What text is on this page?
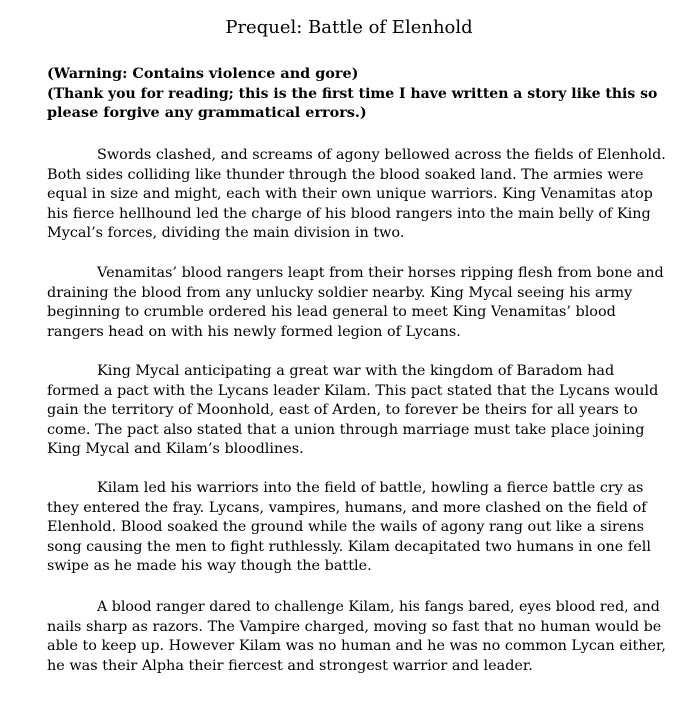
Prequel: Battle of Elenhold
(Warning: Contains violence and gore)
(Thank you for reading; this is the first time I have written a story like this so
please forgive any grammatical errors.)
Swords clashed, and screams of agony bellowed across the fields of Elenhold.
Both sides colliding like thunder through the blood soaked land. The armies were
equal in size and might, each with their own unique warriors. King Venamitas atop
his fierce hellhound led the charge of his blood rangers into the main belly of King
Mycal’s forces, dividing the main division in two.
Venamitas’ blood rangers leapt from their horses ripping flesh from bone and
draining the blood from any unlucky soldier nearby. King Mycal seeing his army
beginning to crumble ordered his lead general to meet King Venamitas’ blood
rangers head on with his newly formed legion of Lycans.
King Mycal anticipating a great war with the kingdom of Baradom had
formed a pact with the Lycans leader Kilam. This pact stated that the Lycans would
gain the territory of Moonhold, east of Arden, to forever be theirs for all years to
come. The pact also stated that a union through marriage must take place joining
King Mycal and Kilam’s bloodlines.
Kilam led his warriors into the field of battle, howling a fierce battle cry as
they entered the fray. Lycans, vampires, humans, and more clashed on the field of
Elenhold. Blood soaked the ground while the wails of agony rang out like a sirens
song causing the men to fight ruthlessly. Kilam decapitated two humans in one fell
swipe as he made his way though the battle.
A blood ranger dared to challenge Kilam, his fangs bared, eyes blood red, and
nails sharp as razors. The Vampire charged, moving so fast that no human would be
able to keep up. However Kilam was no human and he was no common Lycan either,
he was their Alpha their fiercest and strongest warrior and leader.
